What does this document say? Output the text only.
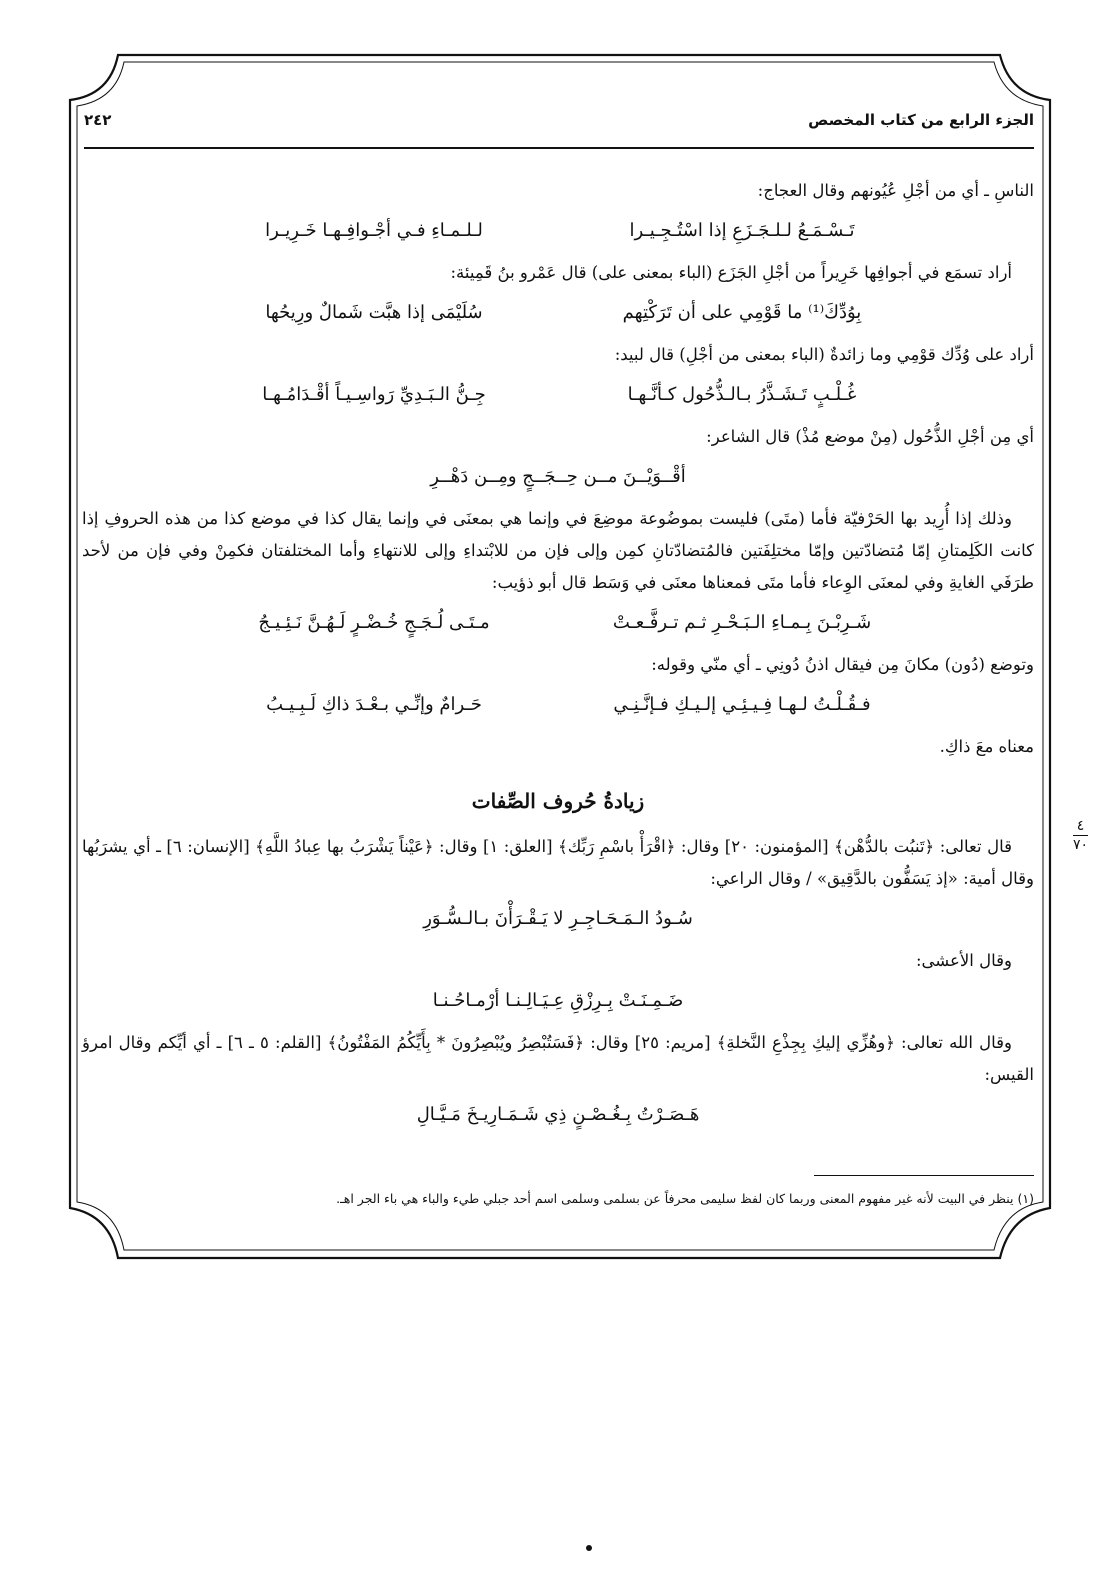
الجزء الرابع من كتاب المخصص
٢٤٢

الناسِ ـ أي من أجْلِ عُيُونهم وقال العجاج:

تَـسْـمَـعُ لـلـجَـزَعِ إذا اسْتُـجِـيـرا
لـلـمـاءِ فـي أجْـوافِـهـا خَـرِيـرا

أراد تسمَع في أجوافِها خَرِيراً من أجْلِ الجَزَع (الباء بمعنى على) قال عَمْرو بنُ قَمِيئة:

بِوُدِّكَ⁽¹⁾ ما قَوْمِي على أن تَرَكْتِهم
سُلَيْمَى إذا هبَّت شَمالٌ ورِيحُها

أراد على وُدِّك قوْمِي وما زائدةٌ (الباء بمعنى من أجْلِ) قال لبيد:

غُـلْـبٍ تَـشَـذَّرُ بـالـذُّحُول كـأنَّـهـا
جِـنُّ الـبَـدِيِّ رَواسِـيـاً أقْـدَامُـهـا

أي مِن أجْلِ الذُّحُول (مِنْ موضع مُذْ) قال الشاعر:

أقْــوَيْــنَ مــن حِــجَــجٍ ومِــن دَهْــرِ

وذلك إذا أُرِيد بها الحَرْفيّة فأما (متَى) فليست بموضُوعة موضِعَ في وإنما هي بمعنَى في وإنما يقال كذا في موضع كذا من هذه الحروفِ إذا كانت الكَلِمتانِ إمّا مُتضادّتين وإمّا مختلِفَتين فالمُتضادّتانِ كمِن وإلى فإن من للابْتداءِ وإلى للانتهاءِ وأما المختلفتان فكمِنْ وفي فإن من لأحد طرَفَي الغايةِ وفي لمعنَى الوِعاء فأما متَى فمعناها معنَى في وَسَط قال أبو ذؤيب:

شَـرِبْـنَ بِـمـاءِ الـبَـحْـرِ ثـم تـرفَّـعـتْ
مـتَـى لُـجَـجٍ خُـضْـرٍ لَـهُـنَّ نَـئِـيـجُ

وتوضع (دُون) مكانَ مِن فيقال اذنُ دُونِي ـ أي منّي وقوله:

فـقُـلْـتُ لـهـا فِـيـئِـي إلـيـكِ فـإنَّـنِـي
حَـرامٌ وإنِّـي بـعْـدَ ذاكِ لَـبِـيـبُ

معناه معَ ذاكِ.

زيادةُ حُروف الصِّفات

قال تعالى: ﴿تَنبُت بالدُّهْن﴾ [المؤمنون: ٢٠] وقال: ﴿اقْرَأْ باسْمِ رَبِّك﴾ [العلق: ١] وقال: ﴿عَيْناً يَشْرَبُ بها عِبادُ اللَّهِ﴾ [الإنسان: ٦] ـ أي يشرَبُها وقال أمية: «إذ يَسَفُّون بالدَّقِيق» / وقال الراعي:

سُـودُ الـمَـحَـاجِـرِ لا يَـقْـرَأْنَ بـالـسُّـوَرِ

وقال الأعشى:

ضَـمِـنَـتْ بِـرِزْقِ عِـيَـالِـنـا أرْمـاحُـنـا

وقال الله تعالى: ﴿وهُزِّي إليكِ بِجِذْعِ النَّخلةِ﴾ [مريم: ٢٥] وقال: ﴿فَسَتُبْصِرُ ويُبْصِرُونَ * بِأَيِّكُمُ المَفْتُونُ﴾ [القلم: ٥ ـ ٦] ـ أي أيِّكم وقال امرؤ القيس:

هَـصَـرْتُ بِـغُـصْـنٍ ذِي شَـمَـارِيـخَ مَـيَّـالِ
٤
٧٠
(١) ينظر في البيت لأنه غير مفهوم المعنى وربما كان لفظ سليمى محرفاً عن بسلمى وسلمى اسم أحد جبلي طيء والباء هي باء الجر اهـ.
